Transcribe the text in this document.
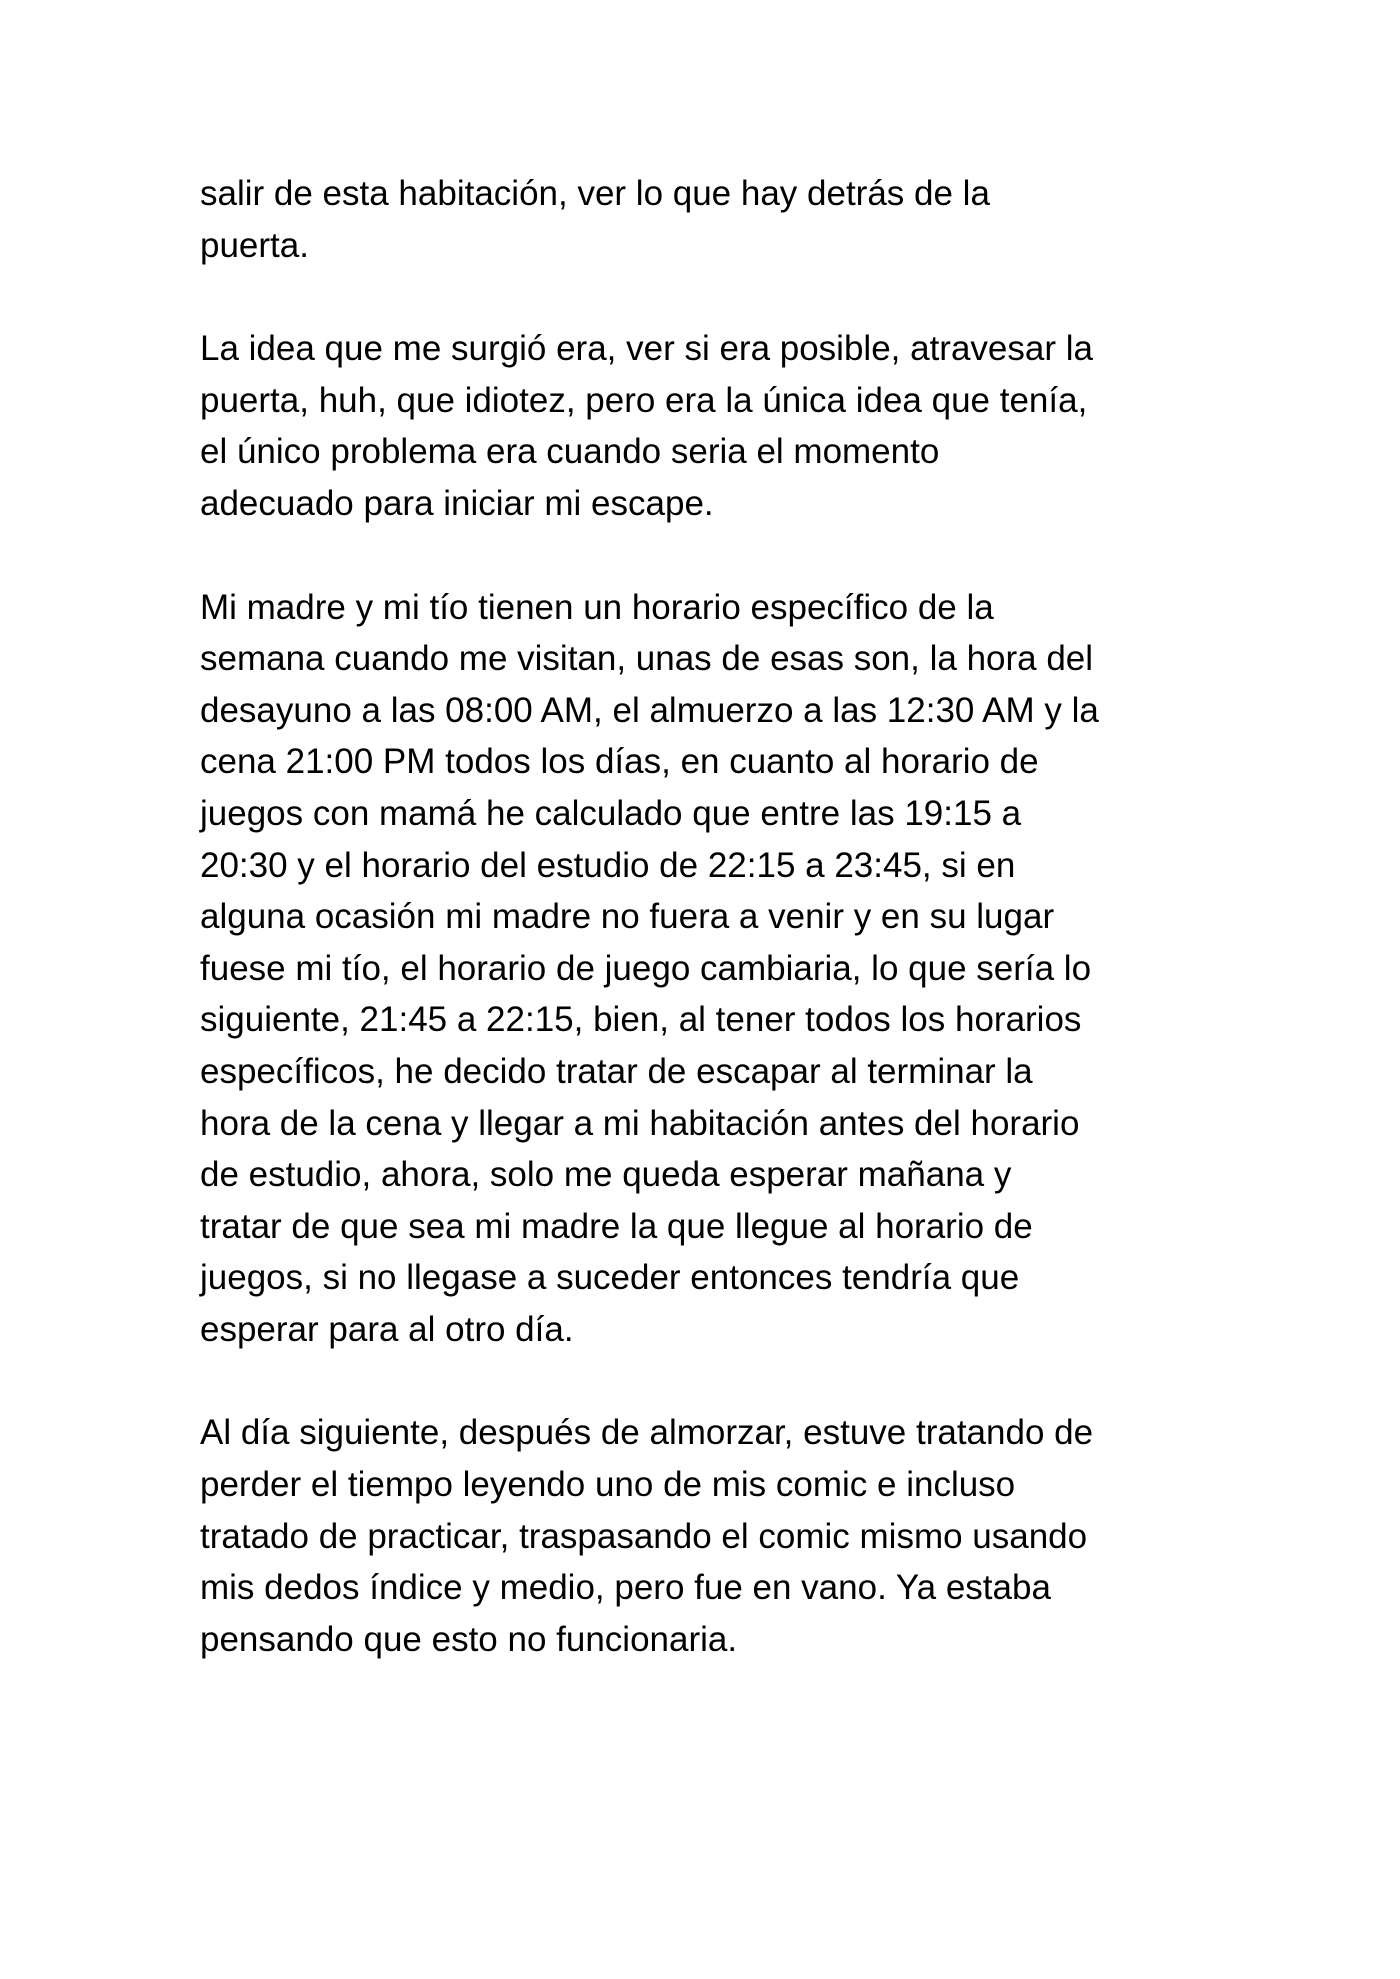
salir de esta habitación, ver lo que hay detrás de la
puerta.

La idea que me surgió era, ver si era posible, atravesar la
puerta, huh, que idiotez, pero era la única idea que tenía,
el único problema era cuando seria el momento
adecuado para iniciar mi escape.

Mi madre y mi tío tienen un horario específico de la
semana cuando me visitan, unas de esas son, la hora del
desayuno a las 08:00 AM, el almuerzo a las 12:30 AM y la
cena 21:00 PM todos los días, en cuanto al horario de
juegos con mamá he calculado que entre las 19:15 a
20:30 y el horario del estudio de 22:15 a 23:45, si en
alguna ocasión mi madre no fuera a venir y en su lugar
fuese mi tío, el horario de juego cambiaria, lo que sería lo
siguiente, 21:45 a 22:15, bien, al tener todos los horarios
específicos, he decido tratar de escapar al terminar la
hora de la cena y llegar a mi habitación antes del horario
de estudio, ahora, solo me queda esperar mañana y
tratar de que sea mi madre la que llegue al horario de
juegos, si no llegase a suceder entonces tendría que
esperar para al otro día.

Al día siguiente, después de almorzar, estuve tratando de
perder el tiempo leyendo uno de mis comic e incluso
tratado de practicar, traspasando el comic mismo usando
mis dedos índice y medio, pero fue en vano. Ya estaba
pensando que esto no funcionaria.
